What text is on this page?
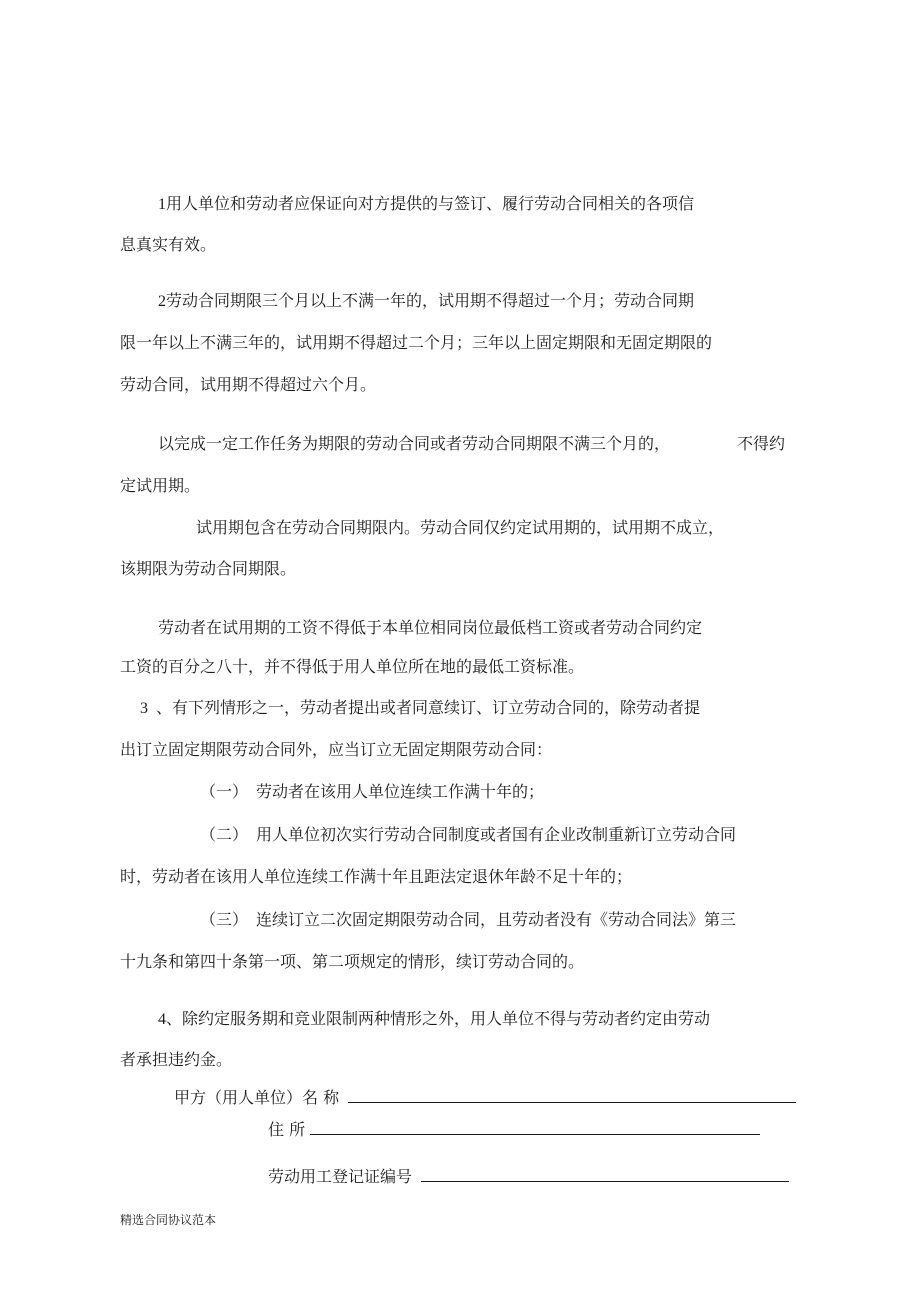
1用人单位和劳动者应保证向对方提供的与签订、履行劳动合同相关的各项信
息真实有效。
2劳动合同期限三个月以上不满一年的，试用期不得超过一个月；劳动合同期
限一年以上不满三年的，试用期不得超过二个月；三年以上固定期限和无固定期限的
劳动合同，试用期不得超过六个月。
以完成一定工作任务为期限的劳动合同或者劳动合同期限不满三个月的，	不得约
定试用期。
试用期包含在劳动合同期限内。劳动合同仅约定试用期的，试用期不成立，
该期限为劳动合同期限。
劳动者在试用期的工资不得低于本单位相同岗位最低档工资或者劳动合同约定
工资的百分之八十，并不得低于用人单位所在地的最低工资标准。
3 、有下列情形之一，劳动者提出或者同意续订、订立劳动合同的，除劳动者提
出订立固定期限劳动合同外，应当订立无固定期限劳动合同：
（一） 劳动者在该用人单位连续工作满十年的；
（二） 用人单位初次实行劳动合同制度或者国有企业改制重新订立劳动合同
时，劳动者在该用人单位连续工作满十年且距法定退休年龄不足十年的；
（三） 连续订立二次固定期限劳动合同，且劳动者没有《劳动合同法》第三
十九条和第四十条第一项、第二项规定的情形，续订劳动合同的。
4、除约定服务期和竞业限制两种情形之外，用人单位不得与劳动者约定由劳动
者承担违约金。
甲方（用人单位）名 称
住 所
劳动用工登记证编号
精选合同协议范本
